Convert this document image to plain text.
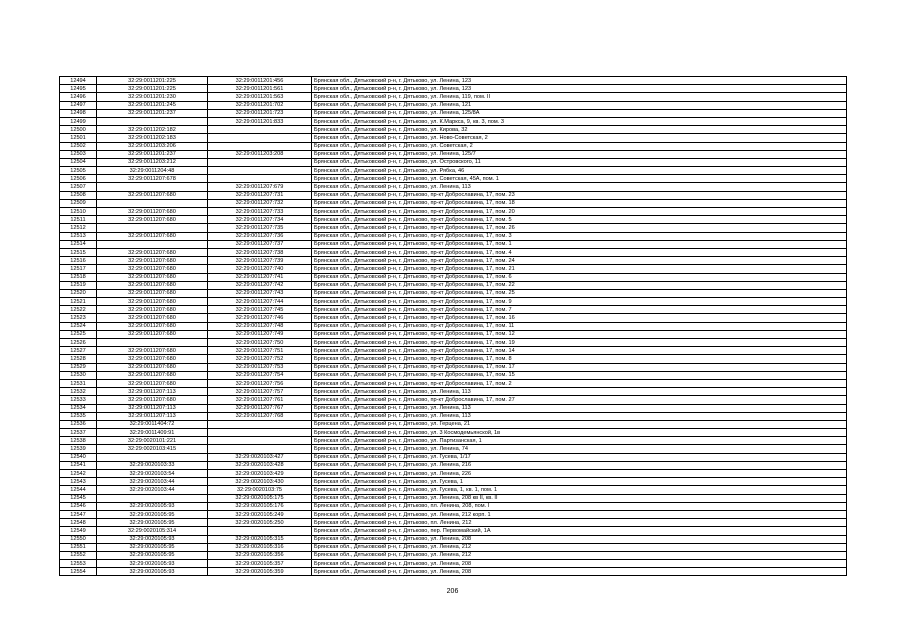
12494	32:29:0011201:225	32:29:0011201:456	Брянская обл., Дятьковский р-н, г. Дятьково, ул. Ленина, 123
12495	32:29:0011201:225	32:29:0011201:561	Брянская обл., Дятьковский р-н, г. Дятьково, ул. Ленина, 123
12496	32:29:0011201:230	32:29:0011201:563	Брянская обл., Дятьковский р-н, г. Дятьково, ул. Ленина, 119, пом. II
12497	32:29:0011201:245	32:29:0011201:702	Брянская обл., Дятьковский р-н, г. Дятьково, ул. Ленина, 121
12498	32:29:0011201:237	32:29:0011201:723	Брянская обл., Дятьковский р-н, г. Дятьково, ул. Ленина, 125/8А
12499		32:29:0011201:833	Брянская обл., Дятьковский р-н, г. Дятьково, ул. К.Маркса, 9, кв. 3, пом. 3
12500	32:29:0011202:182		Брянская обл., Дятьковский р-н, г. Дятьково, ул. Кирова, 32
12501	32:29:0011202:183		Брянская обл., Дятьковский р-н, г. Дятьково, ул. Ново-Советская, 2
12502	32:29:0011203:206		Брянская обл., Дятьковский р-н, г. Дятьково, ул. Советская, 2
12503	32:29:0011201:237	32:29:0011203:208	Брянская обл., Дятьковский р-н, г. Дятьково, ул. Ленина, 125/7
12504	32:29:0011203:212		Брянская обл., Дятьковский р-н, г. Дятьково, ул. Островского, 11
12505	32:29:0011204:48		Брянская обл., Дятьковский р-н, г. Дятьково, ул. Рябка, 46
12506	32:29:0011207:678		Брянская обл., Дятьковский р-н, г. Дятьково, ул. Советская, 45А, пом. 1
12507		32:29:0011207:679	Брянская обл., Дятьковский р-н, г. Дятьково, ул. Ленина, 113
12508	32:29:0011207:680	32:29:0011207:731	Брянская обл., Дятьковский р-н, г. Дятьково, пр-кт Доброславина, 17, пом. 23
12509		32:29:0011207:732	Брянская обл., Дятьковский р-н, г. Дятьково, пр-кт Доброславина, 17, пом. 18
12510	32:29:0011207:680	32:29:0011207:733	Брянская обл., Дятьковский р-н, г. Дятьково, пр-кт Доброславина, 17, пом. 20
12511	32:29:0011207:680	32:29:0011207:734	Брянская обл., Дятьковский р-н, г. Дятьково, пр-кт Доброславина, 17, пом. 5
12512		32:29:0011207:735	Брянская обл., Дятьковский р-н, г. Дятьково, пр-кт Доброславина, 17, пом. 26
12513	32:29:0011207:680	32:29:0011207:736	Брянская обл., Дятьковский р-н, г. Дятьково, пр-кт Доброславина, 17, пом. 3
12514		32:29:0011207:737	Брянская обл., Дятьковский р-н, г. Дятьково, пр-кт Доброславина, 17, пом. 1
12515	32:29:0011207:680	32:29:0011207:738	Брянская обл., Дятьковский р-н, г. Дятьково, пр-кт Доброславина, 17, пом. 4
12516	32:29:0011207:680	32:29:0011207:739	Брянская обл., Дятьковский р-н, г. Дятьково, пр-кт Доброславина, 17, пом. 24
12517	32:29:0011207:680	32:29:0011207:740	Брянская обл., Дятьковский р-н, г. Дятьково, пр-кт Доброславина, 17, пом. 21
12518	32:29:0011207:680	32:29:0011207:741	Брянская обл., Дятьковский р-н, г. Дятьково, пр-кт Доброславина, 17, пом. 6
12519	32:29:0011207:680	32:29:0011207:742	Брянская обл., Дятьковский р-н, г. Дятьково, пр-кт Доброславина, 17, пом. 22
12520	32:29:0011207:680	32:29:0011207:743	Брянская обл., Дятьковский р-н, г. Дятьково, пр-кт Доброславина, 17, пом. 25
12521	32:29:0011207:680	32:29:0011207:744	Брянская обл., Дятьковский р-н, г. Дятьково, пр-кт Доброславина, 17, пом. 9
12522	32:29:0011207:680	32:29:0011207:745	Брянская обл., Дятьковский р-н, г. Дятьково, пр-кт Доброславина, 17, пом. 7
12523	32:29:0011207:680	32:29:0011207:746	Брянская обл., Дятьковский р-н, г. Дятьково, пр-кт Доброславина, 17, пом. 16
12524	32:29:0011207:680	32:29:0011207:748	Брянская обл., Дятьковский р-н, г. Дятьково, пр-кт Доброславина, 17, пом. 11
12525	32:29:0011207:680	32:29:0011207:749	Брянская обл., Дятьковский р-н, г. Дятьково, пр-кт Доброславина, 17, пом. 12
12526		32:29:0011207:750	Брянская обл., Дятьковский р-н, г. Дятьково, пр-кт Доброславина, 17, пом. 19
12527	32:29:0011207:680	32:29:0011207:751	Брянская обл., Дятьковский р-н, г. Дятьково, пр-кт Доброславина, 17, пом. 14
12528	32:29:0011207:680	32:29:0011207:752	Брянская обл., Дятьковский р-н, г. Дятьково, пр-кт Доброславина, 17, пом. 8
12529	32:29:0011207:680	32:29:0011207:753	Брянская обл., Дятьковский р-н, г. Дятьково, пр-кт Доброславина, 17, пом. 17
12530	32:29:0011207:680	32:29:0011207:754	Брянская обл., Дятьковский р-н, г. Дятьково, пр-кт Доброславина, 17, пом. 15
12531	32:29:0011207:680	32:29:0011207:756	Брянская обл., Дятьковский р-н, г. Дятьково, пр-кт Доброславина, 17, пом. 2
12532	32:29:0011207:113	32:29:0011207:757	Брянская обл., Дятьковский р-н, г. Дятьково, ул. Ленина, 113
12533	32:29:0011207:680	32:29:0011207:761	Брянская обл., Дятьковский р-н, г. Дятьково, пр-кт Доброславина, 17, пом. 27
12534	32:29:0011207:113	32:29:0011207:767	Брянская обл., Дятьковский р-н, г. Дятьково, ул. Ленина, 113
12535	32:29:0011207:113	32:29:0011207:768	Брянская обл., Дятьковский р-н, г. Дятьково, ул. Ленина, 113
12536	32:29:0011404:72		Брянская обл., Дятьковский р-н, г. Дятьково, ул. Герцена, 21
12537	32:29:0011409:91		Брянская обл., Дятьковский р-н, г. Дятьково, ул. 3 Космодемьянской, 1в
12538	32:29:0020101:221		Брянская обл., Дятьковский р-н, г. Дятьково, ул. Партизанская, 1
12539	32:29:0020103:415		Брянская обл., Дятьковский р-н, г. Дятьково, ул. Ленина, 74
12540		32:29:0020103:427	Брянская обл., Дятьковский р-н, г. Дятьково, ул. Гусева, 1/17
12541	32:29:0020103:33	32:29:0020103:428	Брянская обл., Дятьковский р-н, г. Дятьково, ул. Ленина, 216
12542	32:29:0020103:54	32:29:0020103:429	Брянская обл., Дятьковский р-н, г. Дятьково, ул. Ленина, 226
12543	32:29:0020103:44	32:29:0020103:430	Брянская обл., Дятьковский р-н, г. Дятьково, ул. Гусева, 1
12544	32:29:0020103:44	32:29:0020103:75	Брянская обл., Дятьковский р-н, г. Дятьково, ул. Гусева, 1, кв. 1, пом. 1
12545		32:29:0020105:175	Брянская обл., Дятьковский р-н, г. Дятьково, ул. Ленина, 208 кв II, кв. II
12546	32:29:0020105:93	32:29:0020105:176	Брянская обл., Дятьковский р-н, г. Дятьково, пл. Ленина, 208, пом. I
12547	32:29:0020105:95	32:29:0020105:249	Брянская обл., Дятьковский р-н, г. Дятьково, ул. Ленина, 212 корп. 1
12548	32:29:0020105:95	32:29:0020105:250	Брянская обл., Дятьковский р-н, г. Дятьково, пл. Ленина, 212
12549	32:29:0020105:314		Брянская обл., Дятьковский р-н, г. Дятьково, пер. Первомайский, 1А
12550	32:29:0020105:93	32:29:0020105:315	Брянская обл., Дятьковский р-н, г. Дятьково, ул. Ленина, 208
12551	32:29:0020105:95	32:29:0020105:316	Брянская обл., Дятьковский р-н, г. Дятьково, ул. Ленина, 212
12552	32:29:0020105:95	32:29:0020105:356	Брянская обл., Дятьковский р-н, г. Дятьково, ул. Ленина, 212
12553	32:29:0020105:93	32:29:0020105:357	Брянская обл., Дятьковский р-н, г. Дятьково, ул. Ленина, 208
12554	32:29:0020105:93	32:29:0020105:359	Брянская обл., Дятьковский р-н, г. Дятьково, ул. Ленина, 208
206
